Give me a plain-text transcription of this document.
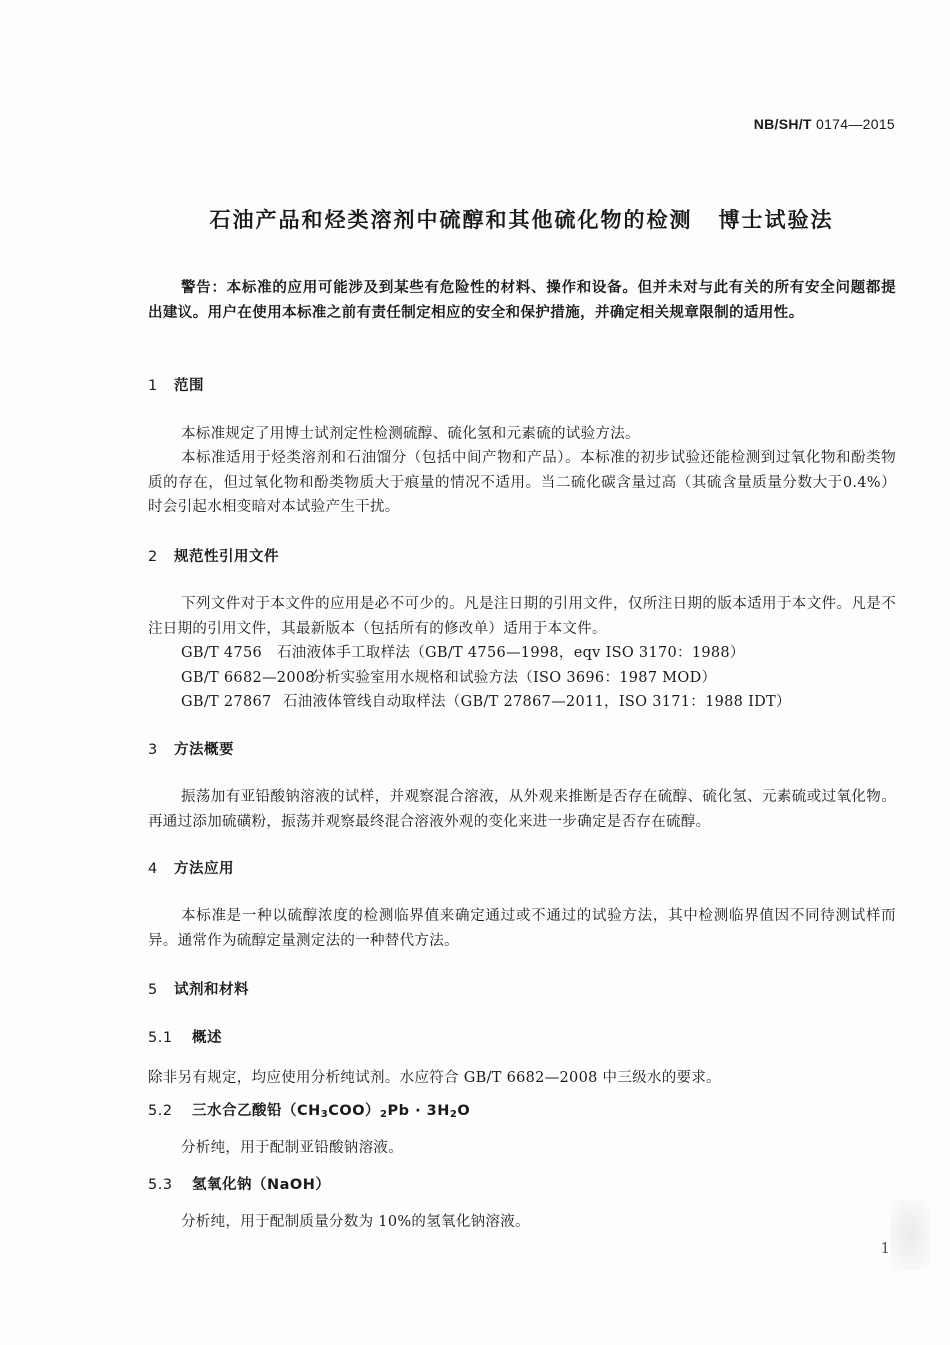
NB/SH/T 0174—2015
石油产品和烃类溶剂中硫醇和其他硫化物的检测 博士试验法
警告：本标准的应用可能涉及到某些有危险性的材料、操作和设备。但并未对与此有关的所有安全问题都提出建议。用户在使用本标准之前有责任制定相应的安全和保护措施，并确定相关规章限制的适用性。
1 范围
本标准规定了用博士试剂定性检测硫醇、硫化氢和元素硫的试验方法。
本标准适用于烃类溶剂和石油馏分（包括中间产物和产品）。本标准的初步试验还能检测到过氧化物和酚类物质的存在，但过氧化物和酚类物质大于痕量的情况不适用。当二硫化碳含量过高（其硫含量质量分数大于0.4%）时会引起水相变暗对本试验产生干扰。
2 规范性引用文件
下列文件对于本文件的应用是必不可少的。凡是注日期的引用文件，仅所注日期的版本适用于本文件。凡是不注日期的引用文件，其最新版本（包括所有的修改单）适用于本文件。
GB/T 4756 石油液体手工取样法（GB/T 4756—1998，eqv ISO 3170：1988）
GB/T 6682—2008分析实验室用水规格和试验方法（ISO 3696：1987 MOD）
GB/T 27867 石油液体管线自动取样法（GB/T 27867—2011，ISO 3171：1988 IDT）
3 方法概要
振荡加有亚铅酸钠溶液的试样，并观察混合溶液，从外观来推断是否存在硫醇、硫化氢、元素硫或过氧化物。再通过添加硫磺粉，振荡并观察最终混合溶液外观的变化来进一步确定是否存在硫醇。
4 方法应用
本标准是一种以硫醇浓度的检测临界值来确定通过或不通过的试验方法，其中检测临界值因不同待测试样而异。通常作为硫醇定量测定法的一种替代方法。
5 试剂和材料
5.1 概述
除非另有规定，均应使用分析纯试剂。水应符合 GB/T 6682—2008 中三级水的要求。
5.2 三水合乙酸铅$(CH_3COO)_2Pb \cdot 3H_2O$
分析纯，用于配制亚铅酸钠溶液。
5.3 氢氧化钠（NaOH）
分析纯，用于配制质量分数为 10%的氢氧化钠溶液。
1
